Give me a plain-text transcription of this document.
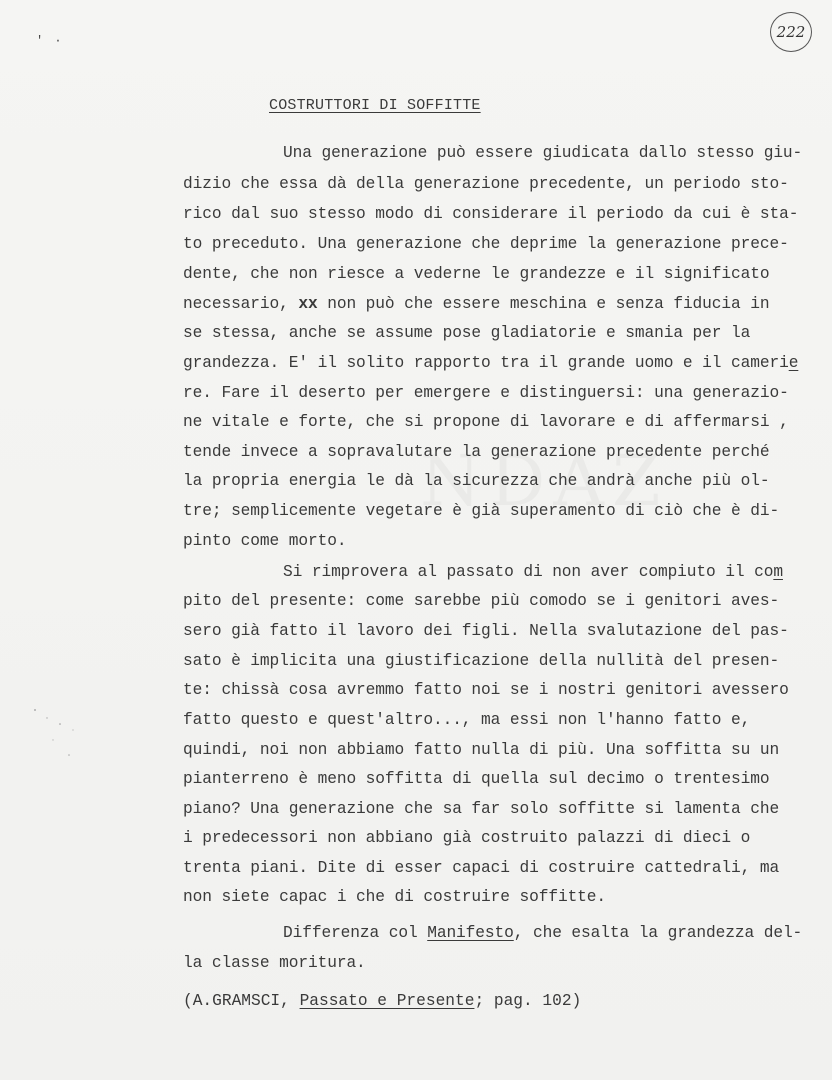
' ·	222
COSTRUTTORI DI SOFFITTE
Una generazione può essere giudicata dallo stesso giu-
dizio che essa dà della generazione precedente, un periodo sto-
rico dal suo stesso modo di considerare il periodo da cui è sta-
to preceduto. Una generazione che deprime la generazione prece-
dente, che non riesce a vederne le grandezze e il significato
necessario, xx non può che essere meschina e senza fiducia in
se stessa, anche se assume pose gladiatorie e smania per la
grandezza. E' il solito rapporto tra il grande uomo e il camerie
re. Fare il deserto per emergere e distinguersi: una generazio-
ne vitale e forte, che si propone di lavorare e di affermarsi ,
tende invece a sopravalutare la generazione precedente perché
la propria energia le dà la sicurezza che andrà anche più ol-
tre; semplicemente vegetare è già superamento di ciò che è di-
pinto come morto.
Si rimprovera al passato di non aver compiuto il com
pito del presente: come sarebbe più comodo se i genitori aves-
sero già fatto il lavoro dei figli. Nella svalutazione del pas-
sato è implicita una giustificazione della nullità del presen-
te: chissà cosa avremmo fatto noi se i nostri genitori avessero
fatto questo e quest'altro..., ma essi non l'hanno fatto e,
quindi, noi non abbiamo fatto nulla di più. Una soffitta su un
pianterreno è meno soffitta di quella sul decimo o trentesimo
piano? Una generazione che sa far solo soffitte si lamenta che
i predecessori non abbiano già costruito palazzi di dieci o
trenta piani. Dite di esser capaci di costruire cattedrali, ma
non siete capac i che di costruire soffitte.
Differenza col Manifesto, che esalta la grandezza del-
la classe moritura.
(A.GRAMSCI, Passato e Presente; pag. 102)
